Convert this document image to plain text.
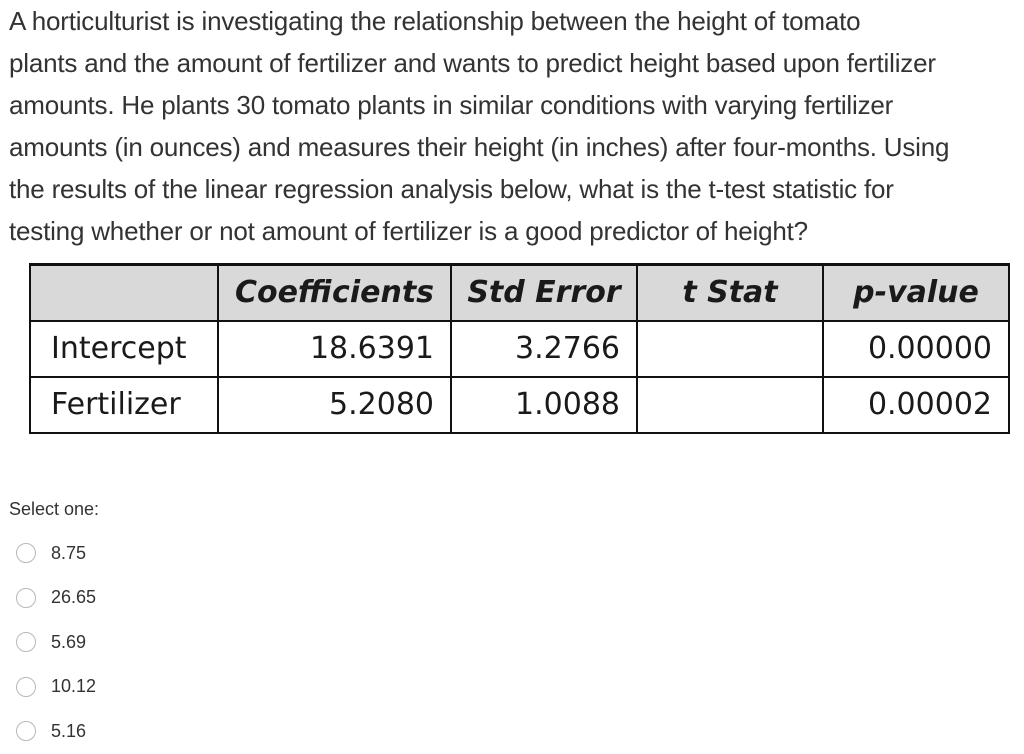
A horticulturist is investigating the relationship between the height of tomato

plants and the amount of fertilizer and wants to predict height based upon fertilizer

amounts. He plants 30 tomato plants in similar conditions with varying fertilizer

amounts (in ounces) and measures their height (in inches) after four-months. Using

the results of the linear regression analysis below, what is the t-test statistic for

testing whether or not amount of fertilizer is a good predictor of height?

	Coefficients	Std Error	t Stat	p-value
Intercept	18.6391	3.2766		0.00000
Fertilizer	5.2080	1.0088		0.00002
Select one:
8.75
26.65
5.69
10.12
5.16
